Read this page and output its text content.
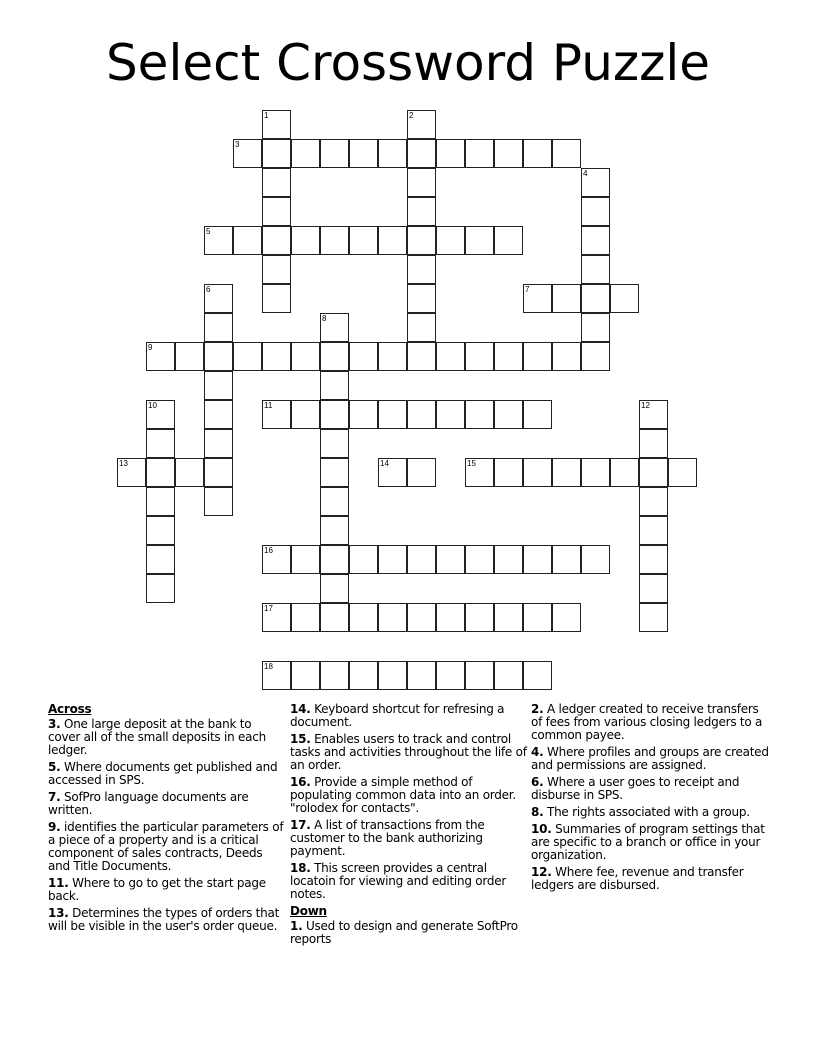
Select Crossword Puzzle
1	2
3
4
5
6	7
8
9
10	11	12
13	14	15
16
17
18
Across
3. One large deposit at the bank to cover all of the small deposits in each ledger.
5. Where documents get published and accessed in SPS.
7. SofPro language documents are written.
9. identifies the particular parameters of a piece of a property and is a critical component of sales contracts, Deeds and Title Documents.
11. Where to go to get the start page back.
13. Determines the types of orders that will be visible in the user's order queue.
14. Keyboard shortcut for refresing a document.
15. Enables users to track and control tasks and activities throughout the life of an order.
16. Provide a simple method of populating common data into an order. "rolodex for contacts".
17. A list of transactions from the customer to the bank authorizing payment.
18. This screen provides a central locatoin for viewing and editing order notes.
Down
1. Used to design and generate SoftPro reports
2. A ledger created to receive transfers of fees from various closing ledgers to a common payee.
4. Where profiles and groups are created and permissions are assigned.
6. Where a user goes to receipt and disburse in SPS.
8. The rights associated with a group.
10. Summaries of program settings that are specific to a branch or office in your organization.
12. Where fee, revenue and transfer ledgers are disbursed.
